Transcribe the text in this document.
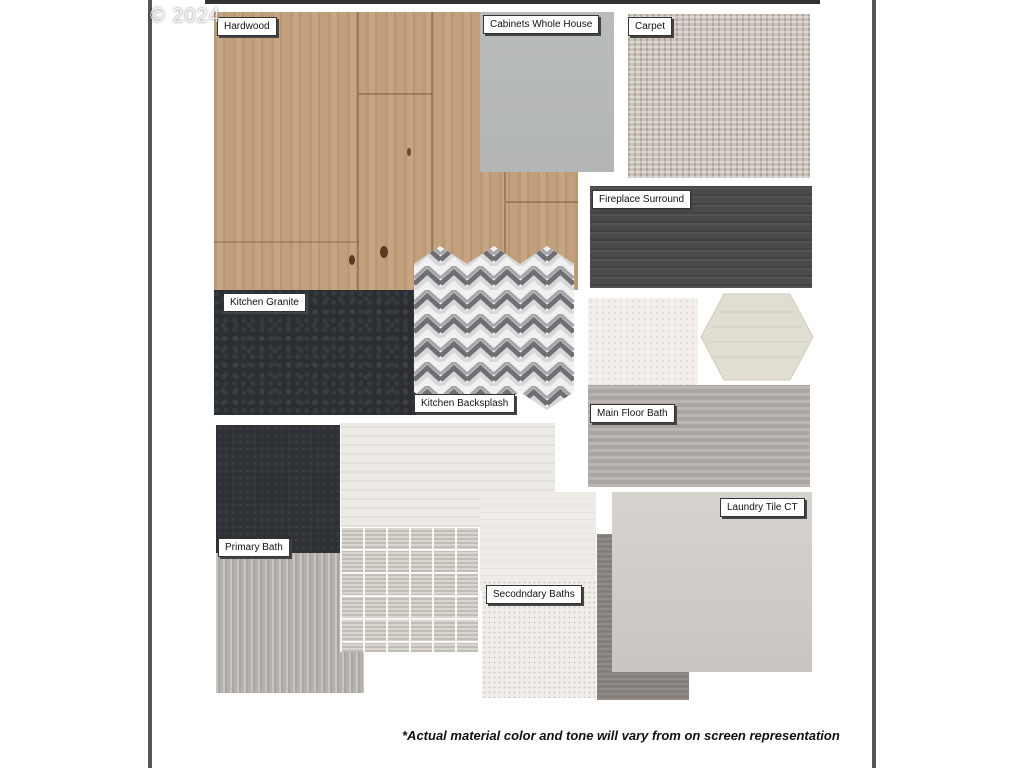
Hardwood	Cabinets Whole House	Carpet
Fireplace Surround
Kitchen Granite
Kitchen Backsplash
Main Floor Bath
Primary Bath
Secodndary Baths
Laundry Tile CT
© 2024
*Actual material color and tone will vary from on screen representation
